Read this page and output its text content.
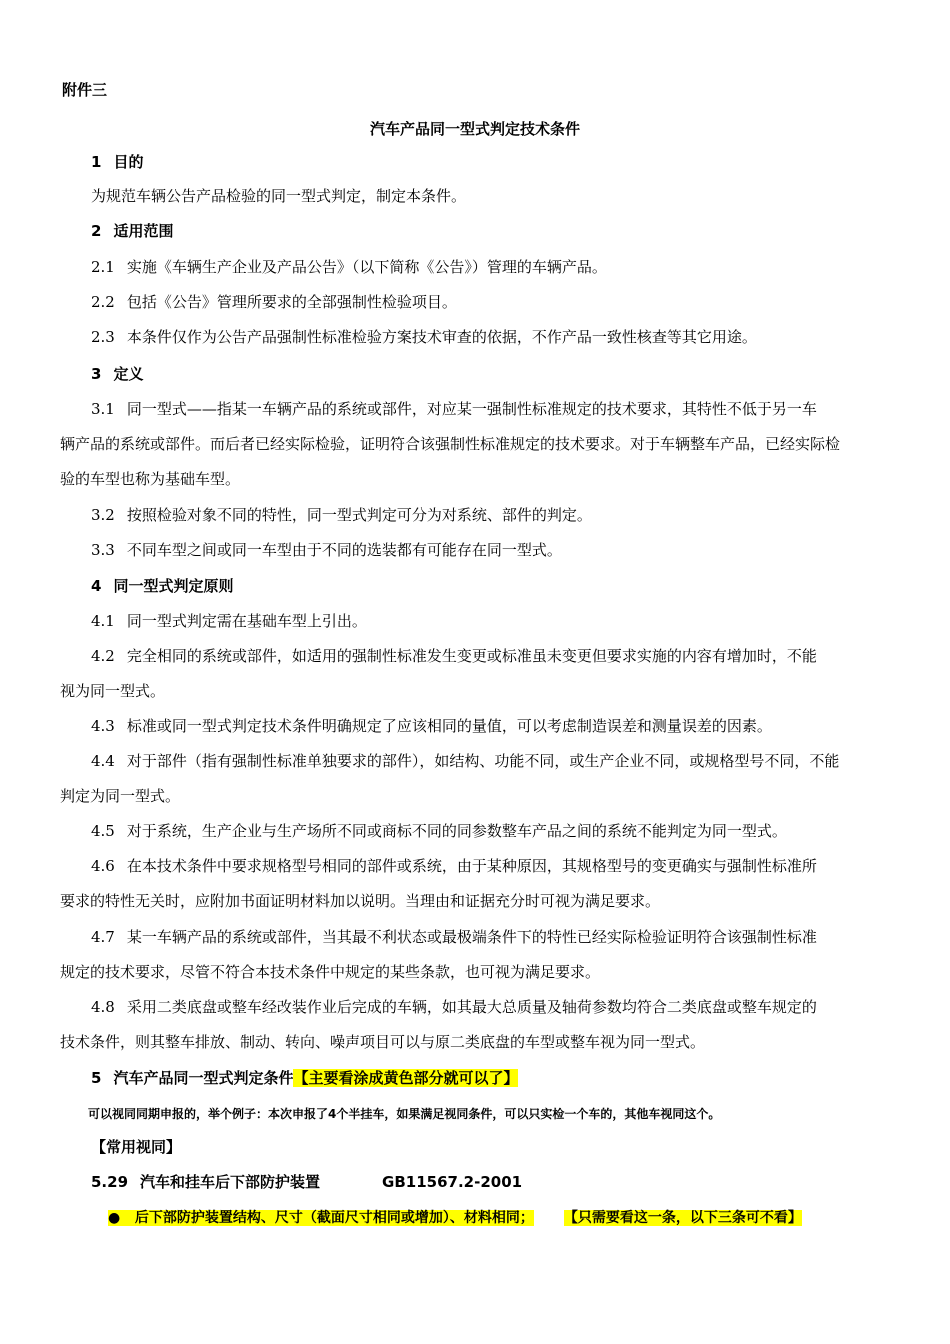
附件三
汽车产品同一型式判定技术条件
1 目的
为规范车辆公告产品检验的同一型式判定，制定本条件。
2 适用范围
2.1 实施《车辆生产企业及产品公告》（以下简称《公告》）管理的车辆产品。
2.2 包括《公告》管理所要求的全部强制性检验项目。
2.3 本条件仅作为公告产品强制性标准检验方案技术审查的依据，不作产品一致性核查等其它用途。
3 定义
3.1 同一型式——指某一车辆产品的系统或部件，对应某一强制性标准规定的技术要求，其特性不低于另一车
辆产品的系统或部件。而后者已经实际检验，证明符合该强制性标准规定的技术要求。对于车辆整车产品，已经实际检
验的车型也称为基础车型。
3.2 按照检验对象不同的特性，同一型式判定可分为对系统、部件的判定。
3.3 不同车型之间或同一车型由于不同的选装都有可能存在同一型式。
4 同一型式判定原则
4.1 同一型式判定需在基础车型上引出。
4.2 完全相同的系统或部件，如适用的强制性标准发生变更或标准虽未变更但要求实施的内容有增加时，不能
视为同一型式。
4.3 标准或同一型式判定技术条件明确规定了应该相同的量值，可以考虑制造误差和测量误差的因素。
4.4 对于部件（指有强制性标准单独要求的部件），如结构、功能不同，或生产企业不同，或规格型号不同，不能
判定为同一型式。
4.5 对于系统，生产企业与生产场所不同或商标不同的同参数整车产品之间的系统不能判定为同一型式。
4.6 在本技术条件中要求规格型号相同的部件或系统，由于某种原因，其规格型号的变更确实与强制性标准所
要求的特性无关时，应附加书面证明材料加以说明。当理由和证据充分时可视为满足要求。
4.7 某一车辆产品的系统或部件，当其最不利状态或最极端条件下的特性已经实际检验证明符合该强制性标准
规定的技术要求，尽管不符合本技术条件中规定的某些条款，也可视为满足要求。
4.8 采用二类底盘或整车经改装作业后完成的车辆，如其最大总质量及轴荷参数均符合二类底盘或整车规定的
技术条件，则其整车排放、制动、转向、噪声项目可以与原二类底盘的车型或整车视为同一型式。
5 汽车产品同一型式判定条件【主要看涂成黄色部分就可以了】
可以视同同期申报的，举个例子：本次申报了4个半挂车，如果满足视同条件，可以只实检一个车的，其他车视同这个。
【常用视同】
5.29 汽车和挂车后下部防护装置	GB11567.2-2001
● 后下部防护装置结构、尺寸（截面尺寸相同或增加）、材料相同； 【只需要看这一条，以下三条可不看】
